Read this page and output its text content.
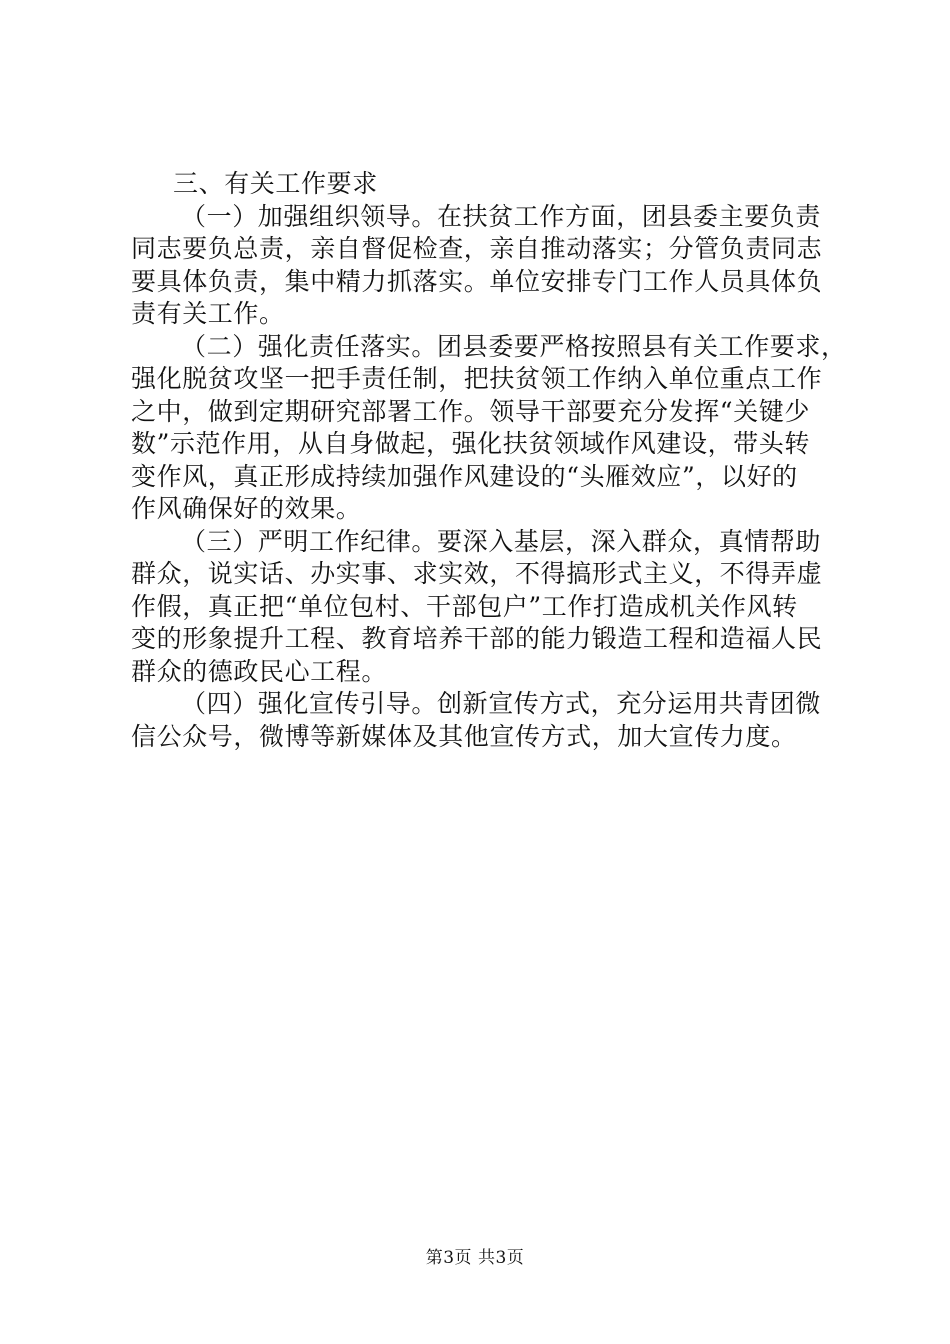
三、有关工作要求
（一）加强组织领导。在扶贫工作方面，团县委主要负责
同志要负总责，亲自督促检查，亲自推动落实；分管负责同志
要具体负责，集中精力抓落实。单位安排专门工作人员具体负
责有关工作。
（二）强化责任落实。团县委要严格按照县有关工作要求，
强化脱贫攻坚一把手责任制，把扶贫领工作纳入单位重点工作
之中，做到定期研究部署工作。领导干部要充分发挥“关键少
数”示范作用，从自身做起，强化扶贫领域作风建设，带头转
变作风，真正形成持续加强作风建设的“头雁效应”，以好的
作风确保好的效果。
（三）严明工作纪律。要深入基层，深入群众，真情帮助
群众，说实话、办实事、求实效，不得搞形式主义，不得弄虚
作假，真正把“单位包村、干部包户”工作打造成机关作风转
变的形象提升工程、教育培养干部的能力锻造工程和造福人民
群众的德政民心工程。
（四）强化宣传引导。创新宣传方式，充分运用共青团微
信公众号，微博等新媒体及其他宣传方式，加大宣传力度。
第3页 共3页
